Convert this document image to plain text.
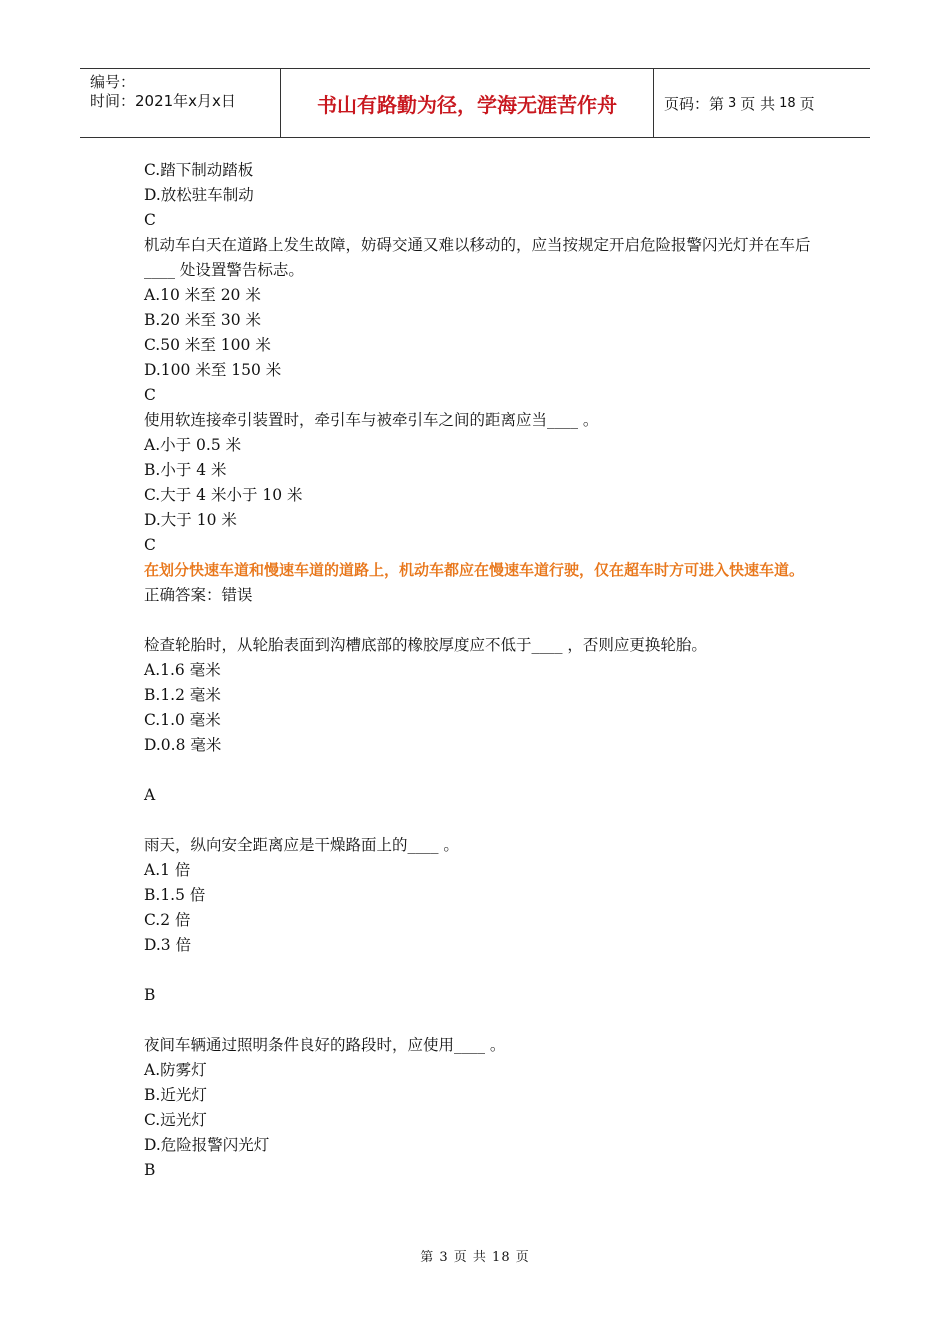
编号：
时间：2021年x月x日	书山有路勤为径，学海无涯苦作舟	页码：第 3 页 共 18 页
C.踏下制动踏板
D.放松驻车制动
C
机动车白天在道路上发生故障，妨碍交通又难以移动的，应当按规定开启危险报警闪光灯并在车后____ 处设置警告标志。
A.10 米至 20 米
B.20 米至 30 米
C.50 米至 100 米
D.100 米至 150 米
C
使用软连接牵引装置时，牵引车与被牵引车之间的距离应当____ 。
A.小于 0.5 米
B.小于 4 米
C.大于 4 米小于 10 米
D.大于 10 米
C
在划分快速车道和慢速车道的道路上，机动车都应在慢速车道行驶，仅在超车时方可进入快速车道。
正确答案：错误
检查轮胎时，从轮胎表面到沟槽底部的橡胶厚度应不低于____ ，否则应更换轮胎。
A.1.6 毫米
B.1.2 毫米
C.1.0 毫米
D.0.8 毫米
A
雨天，纵向安全距离应是干燥路面上的____ 。
A.1 倍
B.1.5 倍
C.2 倍
D.3 倍
B
夜间车辆通过照明条件良好的路段时，应使用____ 。
A.防雾灯
B.近光灯
C.远光灯
D.危险报警闪光灯
B
第 3 页 共 18 页
